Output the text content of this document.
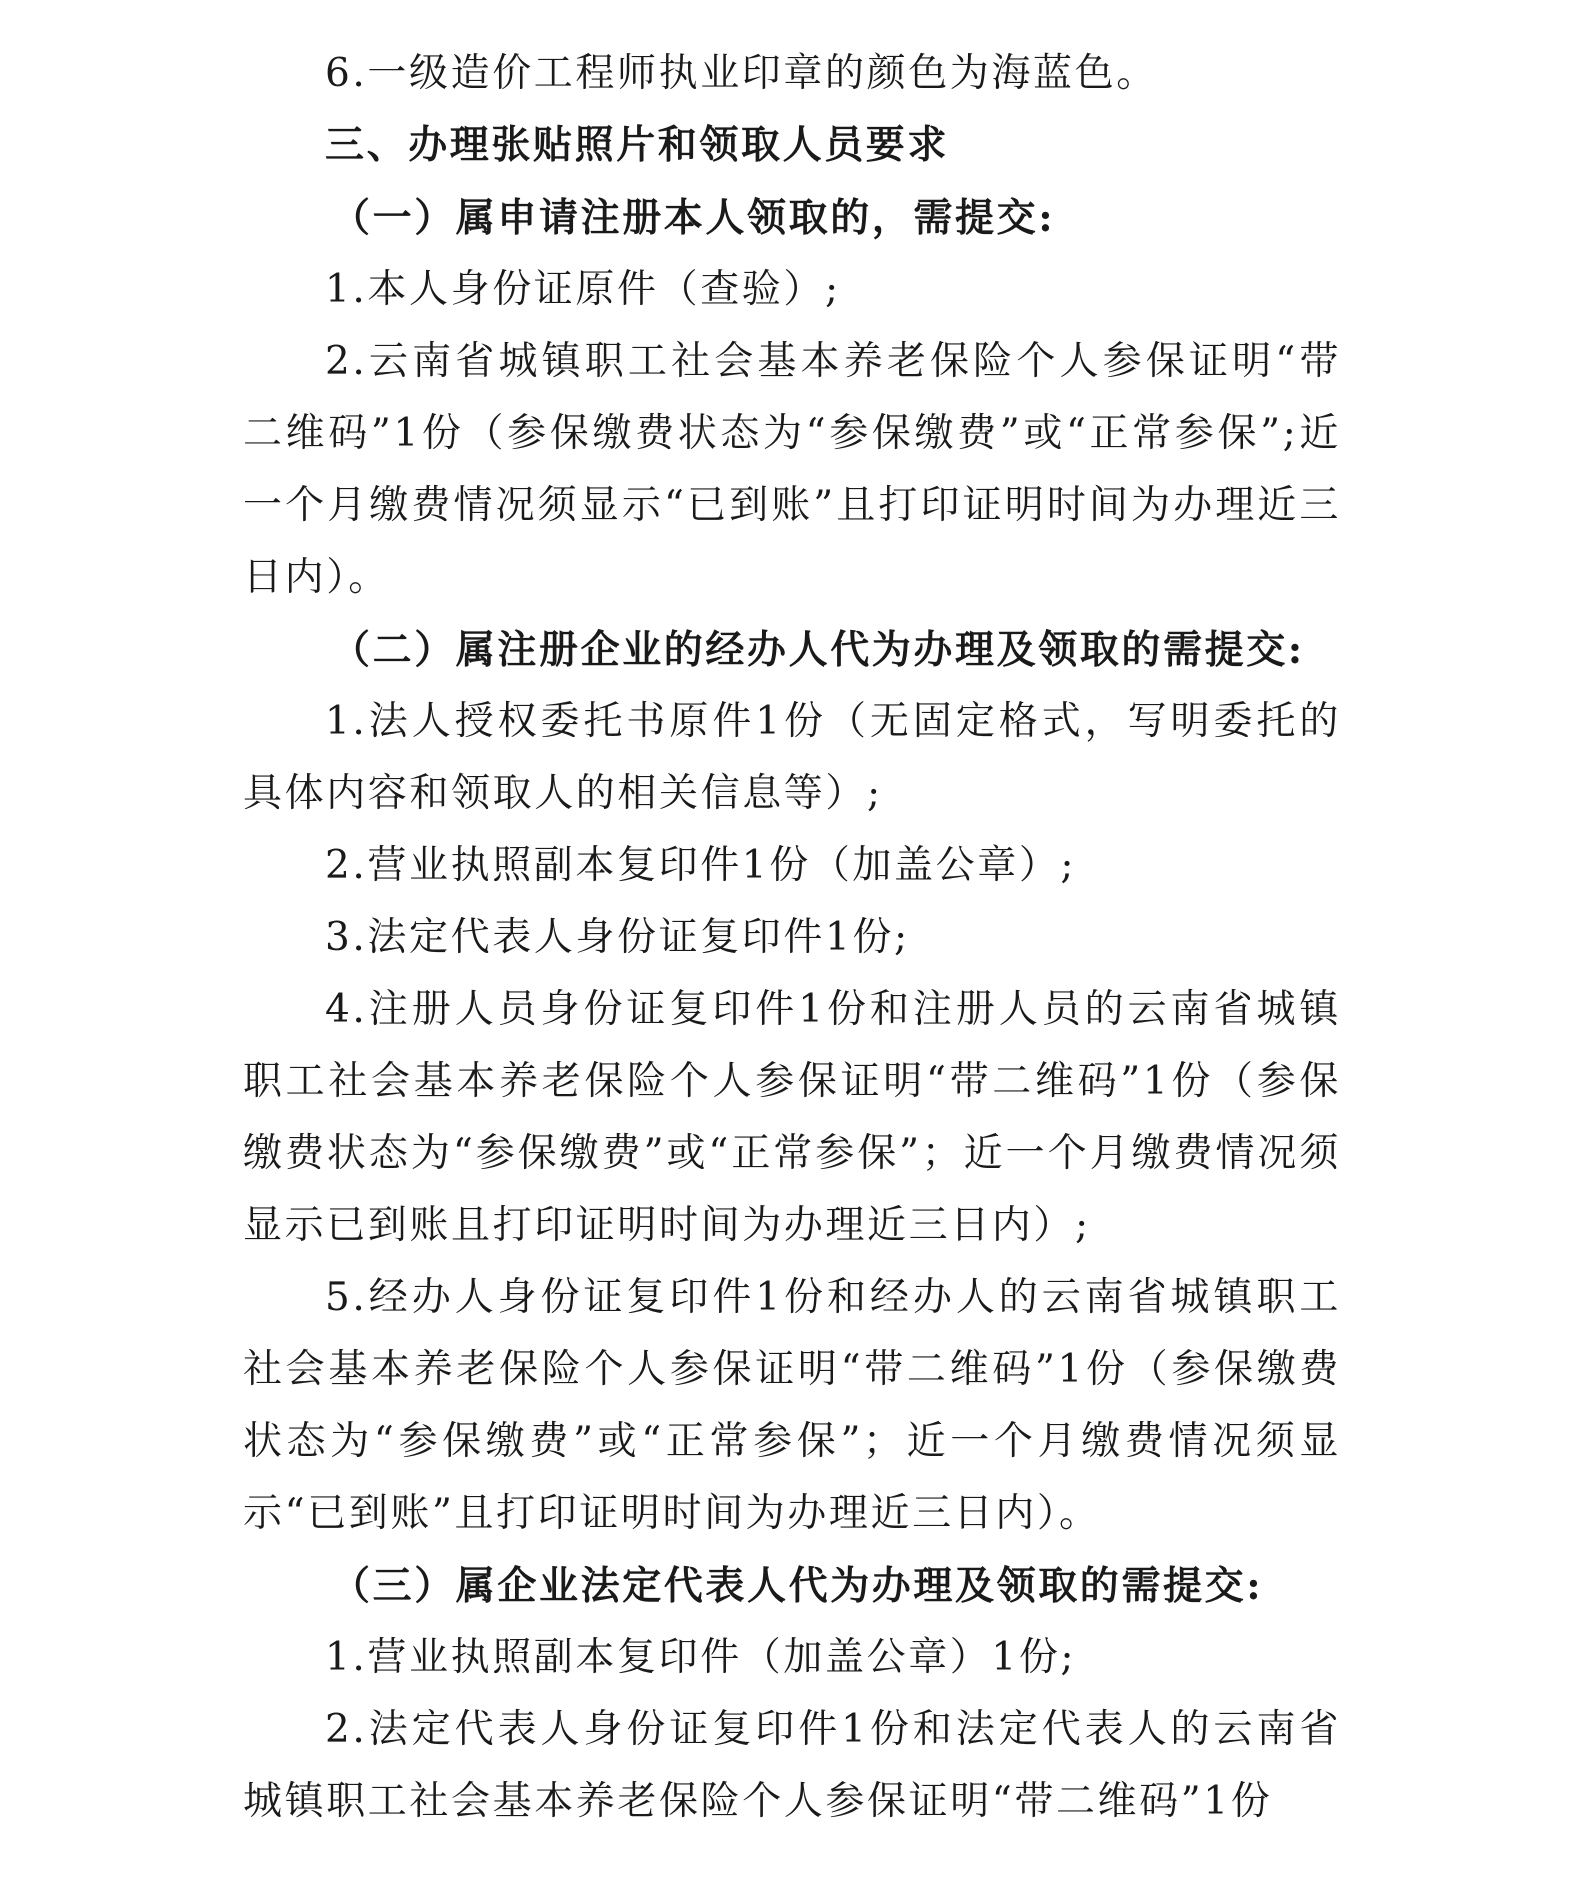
6.一级造价工程师执业印章的颜色为海蓝色。

三、办理张贴照片和领取人员要求

（一）属申请注册本人领取的，需提交:

1.本人身份证原件（查验）;

2.云南省城镇职工社会基本养老保险个人参保证明“带二维码”1份（参保缴费状态为“参保缴费”或“正常参保”;近一个月缴费情况须显示“已到账”且打印证明时间为办理近三日内）。

（二）属注册企业的经办人代为办理及领取的需提交:

1.法人授权委托书原件1份（无固定格式，写明委托的具体内容和领取人的相关信息等）;

2.营业执照副本复印件1份（加盖公章）;

3.法定代表人身份证复印件1份;

4.注册人员身份证复印件1份和注册人员的云南省城镇职工社会基本养老保险个人参保证明“带二维码”1份（参保缴费状态为“参保缴费”或“正常参保”；近一个月缴费情况须显示已到账且打印证明时间为办理近三日内）;

5.经办人身份证复印件1份和经办人的云南省城镇职工社会基本养老保险个人参保证明“带二维码”1份（参保缴费状态为“参保缴费”或“正常参保”；近一个月缴费情况须显示“已到账”且打印证明时间为办理近三日内）。

（三）属企业法定代表人代为办理及领取的需提交:

1.营业执照副本复印件（加盖公章）1份;

2.法定代表人身份证复印件1份和法定代表人的云南省城镇职工社会基本养老保险个人参保证明“带二维码”1份
